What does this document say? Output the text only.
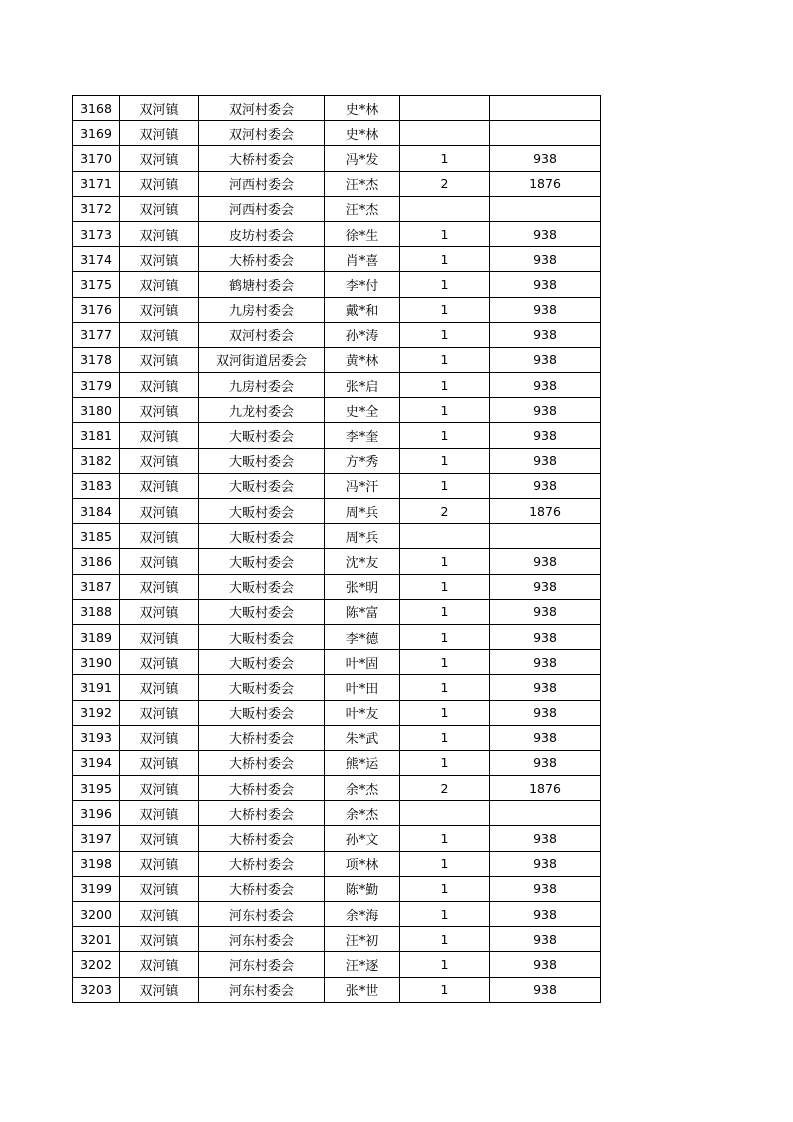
3168	双河镇	双河村委会	史*林		
3169	双河镇	双河村委会	史*林		
3170	双河镇	大桥村委会	冯*发	1	938
3171	双河镇	河西村委会	汪*杰	2	1876
3172	双河镇	河西村委会	汪*杰		
3173	双河镇	皮坊村委会	徐*生	1	938
3174	双河镇	大桥村委会	肖*喜	1	938
3175	双河镇	鹤塘村委会	李*付	1	938
3176	双河镇	九房村委会	戴*和	1	938
3177	双河镇	双河村委会	孙*涛	1	938
3178	双河镇	双河街道居委会	黄*林	1	938
3179	双河镇	九房村委会	张*启	1	938
3180	双河镇	九龙村委会	史*全	1	938
3181	双河镇	大畈村委会	李*奎	1	938
3182	双河镇	大畈村委会	方*秀	1	938
3183	双河镇	大畈村委会	冯*汗	1	938
3184	双河镇	大畈村委会	周*兵	2	1876
3185	双河镇	大畈村委会	周*兵		
3186	双河镇	大畈村委会	沈*友	1	938
3187	双河镇	大畈村委会	张*明	1	938
3188	双河镇	大畈村委会	陈*富	1	938
3189	双河镇	大畈村委会	李*德	1	938
3190	双河镇	大畈村委会	叶*固	1	938
3191	双河镇	大畈村委会	叶*田	1	938
3192	双河镇	大畈村委会	叶*友	1	938
3193	双河镇	大桥村委会	朱*武	1	938
3194	双河镇	大桥村委会	熊*运	1	938
3195	双河镇	大桥村委会	余*杰	2	1876
3196	双河镇	大桥村委会	余*杰		
3197	双河镇	大桥村委会	孙*文	1	938
3198	双河镇	大桥村委会	项*林	1	938
3199	双河镇	大桥村委会	陈*勤	1	938
3200	双河镇	河东村委会	余*海	1	938
3201	双河镇	河东村委会	汪*初	1	938
3202	双河镇	河东村委会	汪*逐	1	938
3203	双河镇	河东村委会	张*世	1	938
